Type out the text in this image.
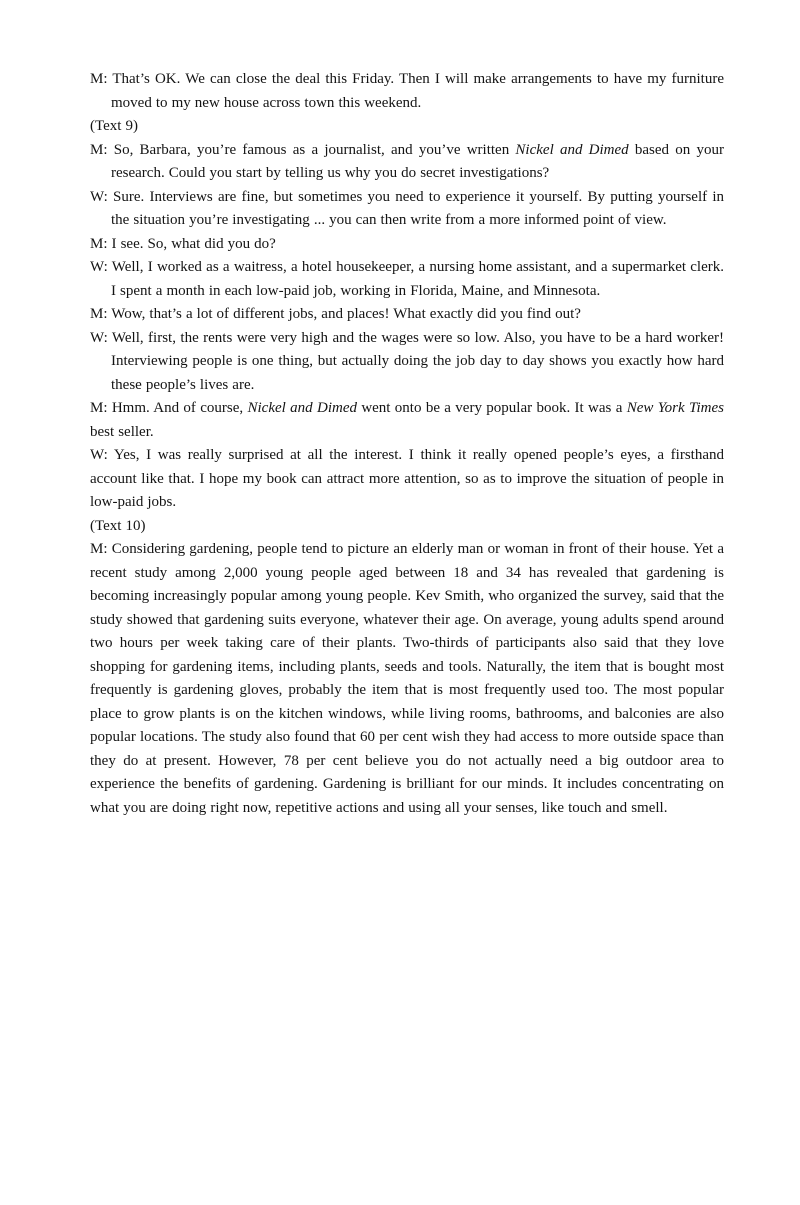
M: That’s OK. We can close the deal this Friday. Then I will make arrangements to have my furniture moved to my new house across town this weekend.

(Text 9)

M: So, Barbara, you’re famous as a journalist, and you’ve written Nickel and Dimed based on your research. Could you start by telling us why you do secret investigations?

W: Sure. Interviews are fine, but sometimes you need to experience it yourself. By putting yourself in the situation you’re investigating ... you can then write from a more informed point of view.

M: I see. So, what did you do?

W: Well, I worked as a waitress, a hotel housekeeper, a nursing home assistant, and a supermarket clerk. I spent a month in each low-paid job, working in Florida, Maine, and Minnesota.

M: Wow, that’s a lot of different jobs, and places! What exactly did you find out?

W: Well, first, the rents were very high and the wages were so low. Also, you have to be a hard worker! Interviewing people is one thing, but actually doing the job day to day shows you exactly how hard these people’s lives are.

M: Hmm. And of course, Nickel and Dimed went onto be a very popular book. It was a New York Times best seller.

W: Yes, I was really surprised at all the interest. I think it really opened people’s eyes, a firsthand account like that. I hope my book can attract more attention, so as to improve the situation of people in low-paid jobs.

(Text 10)

M: Considering gardening, people tend to picture an elderly man or woman in front of their house. Yet a recent study among 2,000 young people aged between 18 and 34 has revealed that gardening is becoming increasingly popular among young people. Kev Smith, who organized the survey, said that the study showed that gardening suits everyone, whatever their age. On average, young adults spend around two hours per week taking care of their plants. Two-thirds of participants also said that they love shopping for gardening items, including plants, seeds and tools. Naturally, the item that is bought most frequently is gardening gloves, probably the item that is most frequently used too. The most popular place to grow plants is on the kitchen windows, while living rooms, bathrooms, and balconies are also popular locations. The study also found that 60 per cent wish they had access to more outside space than they do at present. However, 78 per cent believe you do not actually need a big outdoor area to experience the benefits of gardening. Gardening is brilliant for our minds. It includes concentrating on what you are doing right now, repetitive actions and using all your senses, like touch and smell.
